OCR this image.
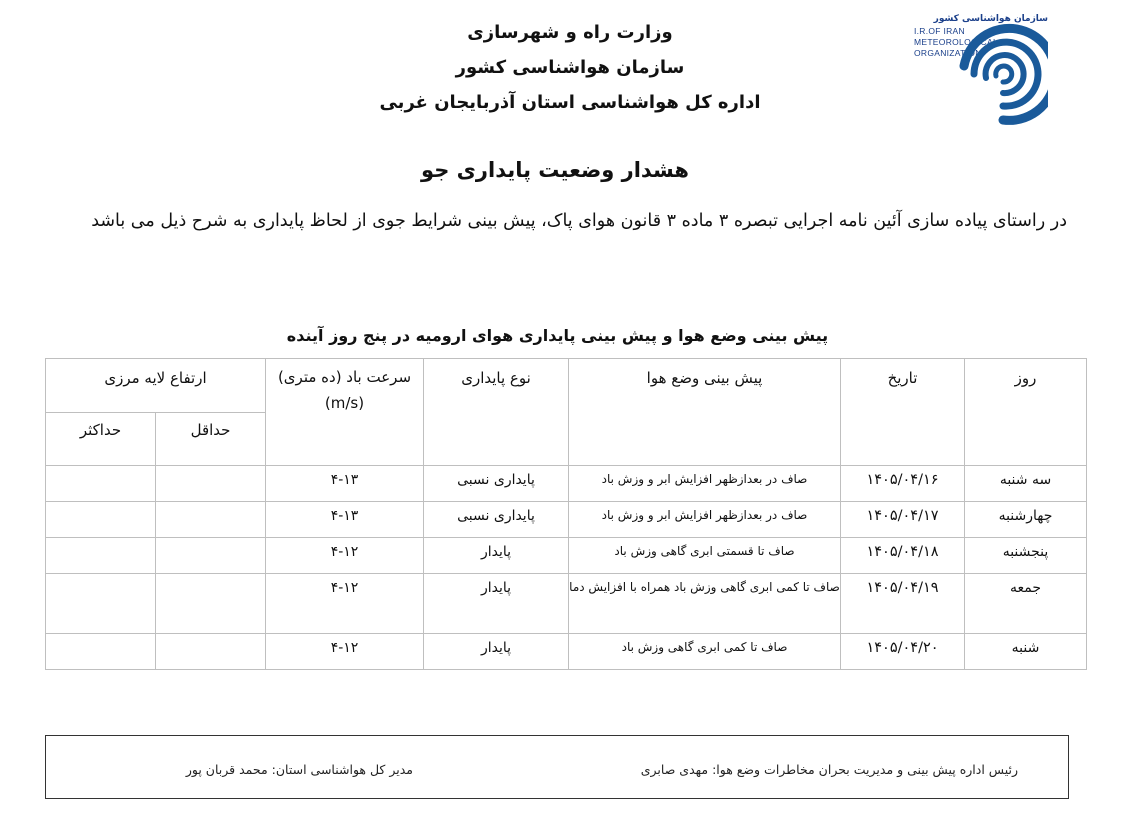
وزارت راه و شهرسازی
سازمان هواشناسی کشور
اداره کل هواشناسی استان آذربایجان غربی
سازمان هواشناسی کشور
I.R.OF IRAN
METEOROLOGICAL
ORGANIZATION
هشدار وضعیت پایداری جو
در راستای پیاده سازی آئین نامه اجرایی تبصره ۳ ماده ۳ قانون هوای پاک، پیش بینی شرایط جوی از لحاظ پایداری به شرح ذیل می باشد
پیش بینی وضع هوا و پیش بینی پایداری هوای ارومیه در پنج روز آینده
روز	تاریخ	پیش بینی وضع هوا	نوع پایداری	سرعت باد (ده متری) (m/s)	ارتفاع لایه مرزی	
					حداقل	حداکثر
سه شنبه	۱۴۰۵/۰۴/۱۶	صاف در بعدازظهر افزایش ابر و وزش باد	پایداری نسبی	۴-۱۳		
چهارشنبه	۱۴۰۵/۰۴/۱۷	صاف در بعدازظهر افزایش ابر و وزش باد	پایداری نسبی	۴-۱۳		
پنجشنبه	۱۴۰۵/۰۴/۱۸	صاف تا قسمتی ابری گاهی وزش باد	پایدار	۴-۱۲		
جمعه	۱۴۰۵/۰۴/۱۹	صاف تا کمی ابری گاهی وزش باد همراه با افزایش دما	پایدار	۴-۱۲		
شنبه	۱۴۰۵/۰۴/۲۰	صاف تا کمی ابری گاهی وزش باد	پایدار	۴-۱۲		
رئیس اداره پیش بینی و مدیریت بحران مخاطرات وضع هوا: مهدی صابری
مدیر کل هواشناسی استان: محمد قربان پور
